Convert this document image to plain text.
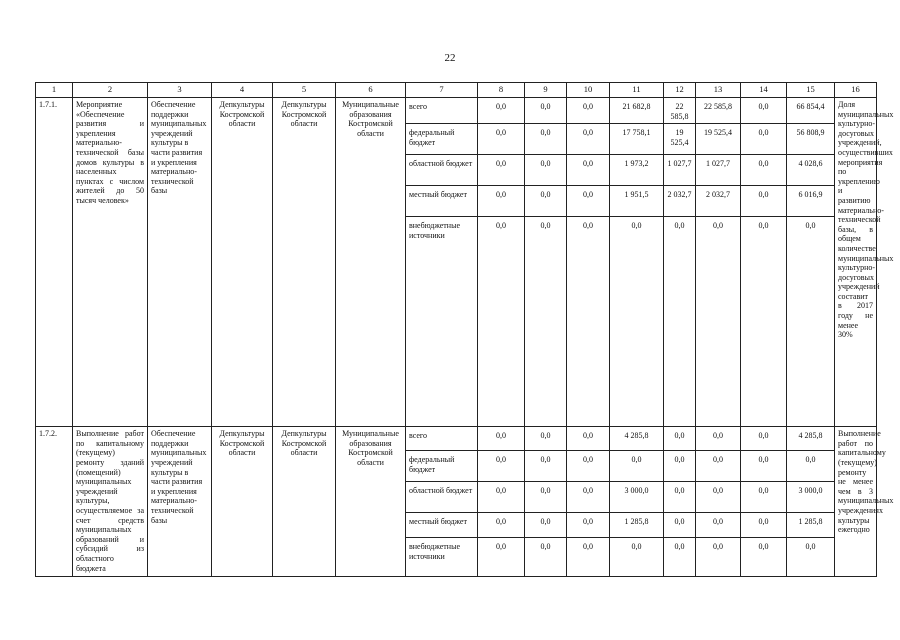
22
1	2	3	4	5	6	7	8	9	10	11	12	13	14	15	16
1.7.1.	Мероприятие «Обеспечение развития и укрепления материально-технической базы домов культуры в населенных пунктах с числом жителей до 50 тысяч человек»	Обеспечение поддержки муниципальных учреждений культуры в части развития и укрепления материально-технической базы	Депкультуры Костромской области	Депкультуры Костромской области	Муниципальные образования Костромской области	всего	0,0	0,0	0,0	21 682,8	22 585,8	22 585,8	0,0	66 854,4	Доля муниципальных культурно-досуговых учреждений, осуществивших мероприятия по укреплению и развитию материально-технической базы, в общем количестве муниципальных культурно-досуговых учреждений составит в 2017 году не менее 30%
						федеральный бюджет	0,0	0,0	0,0	17 758,1	19 525,4	19 525,4	0,0	56 808,9	
						областной бюджет	0,0	0,0	0,0	1 973,2	1 027,7	1 027,7	0,0	4 028,6	
						местный бюджет	0,0	0,0	0,0	1 951,5	2 032,7	2 032,7	0,0	6 016,9	
						внебюджетные источники	0,0	0,0	0,0	0,0	0,0	0,0	0,0	0,0	
1.7.2.	Выполнение работ по капитальному (текущему) ремонту зданий (помещений) муниципальных учреждений культуры, осуществляемое за счет средств муниципальных образований и субсидий из областного бюджета	Обеспечение поддержки муниципальных учреждений культуры в части развития и укрепления материально-технической базы	Депкультуры Костромской области	Депкультуры Костромской области	Муниципальные образования Костромской области	всего	0,0	0,0	0,0	4 285,8	0,0	0,0	0,0	4 285,8	Выполнение работ по капитальному (текущему) ремонту не менее чем в 3 муниципальных учреждениях культуры ежегодно
						федеральный бюджет	0,0	0,0	0,0	0,0	0,0	0,0	0,0	0,0	
						областной бюджет	0,0	0,0	0,0	3 000,0	0,0	0,0	0,0	3 000,0	
						местный бюджет	0,0	0,0	0,0	1 285,8	0,0	0,0	0,0	1 285,8	
						внебюджетные источники	0,0	0,0	0,0	0,0	0,0	0,0	0,0	0,0	
